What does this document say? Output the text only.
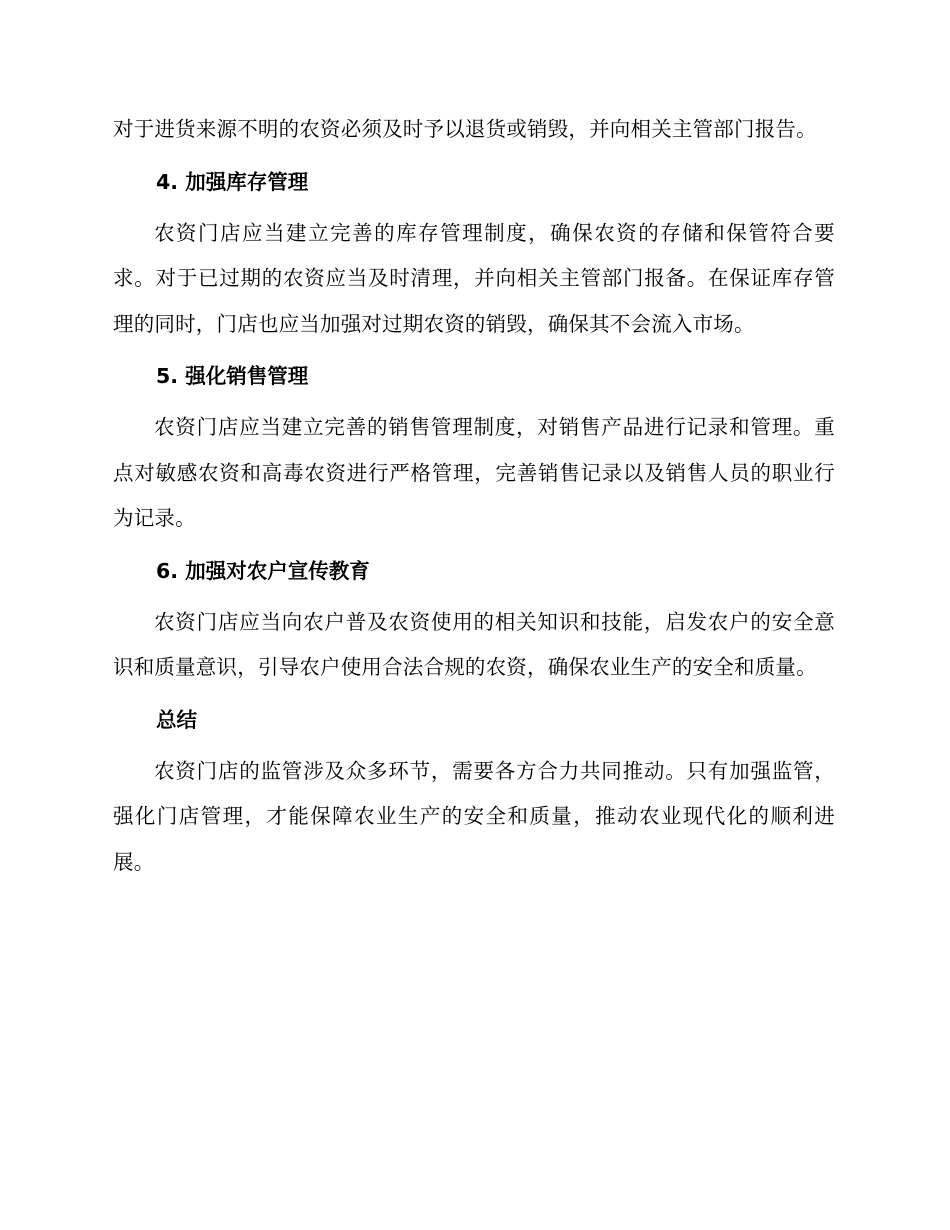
对于进货来源不明的农资必须及时予以退货或销毁，并向相关主管部门报告。

4. 加强库存管理

农资门店应当建立完善的库存管理制度，确保农资的存储和保管符合要求。对于已过期的农资应当及时清理，并向相关主管部门报备。在保证库存管理的同时，门店也应当加强对过期农资的销毁，确保其不会流入市场。

5. 强化销售管理

农资门店应当建立完善的销售管理制度，对销售产品进行记录和管理。重点对敏感农资和高毒农资进行严格管理，完善销售记录以及销售人员的职业行为记录。

6. 加强对农户宣传教育

农资门店应当向农户普及农资使用的相关知识和技能，启发农户的安全意识和质量意识，引导农户使用合法合规的农资，确保农业生产的安全和质量。

总结

农资门店的监管涉及众多环节，需要各方合力共同推动。只有加强监管，强化门店管理，才能保障农业生产的安全和质量，推动农业现代化的顺利进展。
